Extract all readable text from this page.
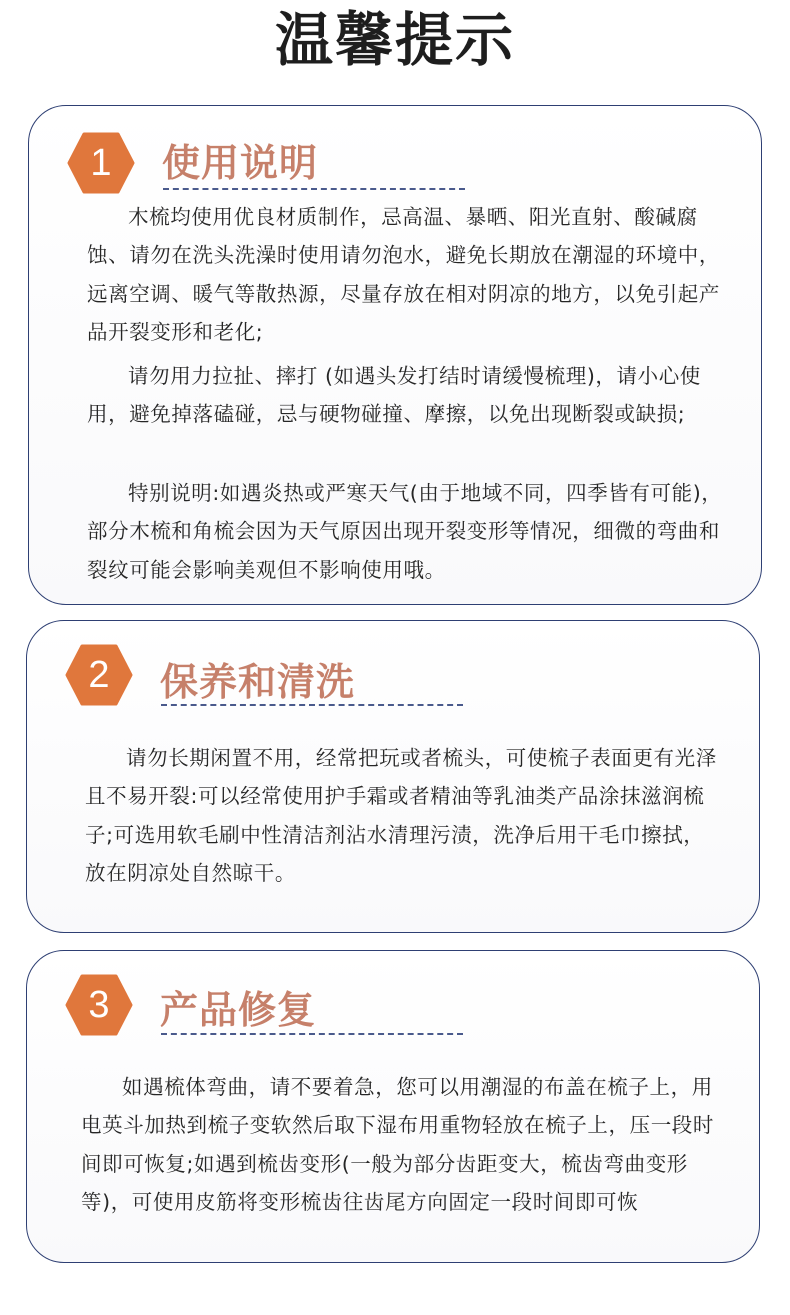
温馨提示
1	使用说明

木梳均使用优良材质制作，忌高温、暴晒、阳光直射、酸碱腐蚀、请勿在洗头洗澡时使用请勿泡水，避免长期放在潮湿的环境中，远离空调、暖气等散热源，尽量存放在相对阴凉的地方，以免引起产品开裂变形和老化;

请勿用力拉扯、摔打 (如遇头发打结时请缓慢梳理)，请小心使用，避免掉落磕碰，忌与硬物碰撞、摩擦，以免出现断裂或缺损;

特别说明:如遇炎热或严寒天气(由于地域不同，四季皆有可能)，部分木梳和角梳会因为天气原因出现开裂变形等情况，细微的弯曲和裂纹可能会影响美观但不影响使用哦。

2	保养和清洗

请勿长期闲置不用，经常把玩或者梳头，可使梳子表面更有光泽且不易开裂:可以经常使用护手霜或者精油等乳油类产品涂抹滋润梳子;可选用软毛刷中性清洁剂沾水清理污渍，洗净后用干毛巾擦拭，放在阴凉处自然晾干。

3	产品修复

如遇梳体弯曲，请不要着急，您可以用潮湿的布盖在梳子上，用电英斗加热到梳子变软然后取下湿布用重物轻放在梳子上，压一段时间即可恢复;如遇到梳齿变形(一般为部分齿距变大，梳齿弯曲变形等)，可使用皮筋将变形梳齿往齿尾方向固定一段时间即可恢
